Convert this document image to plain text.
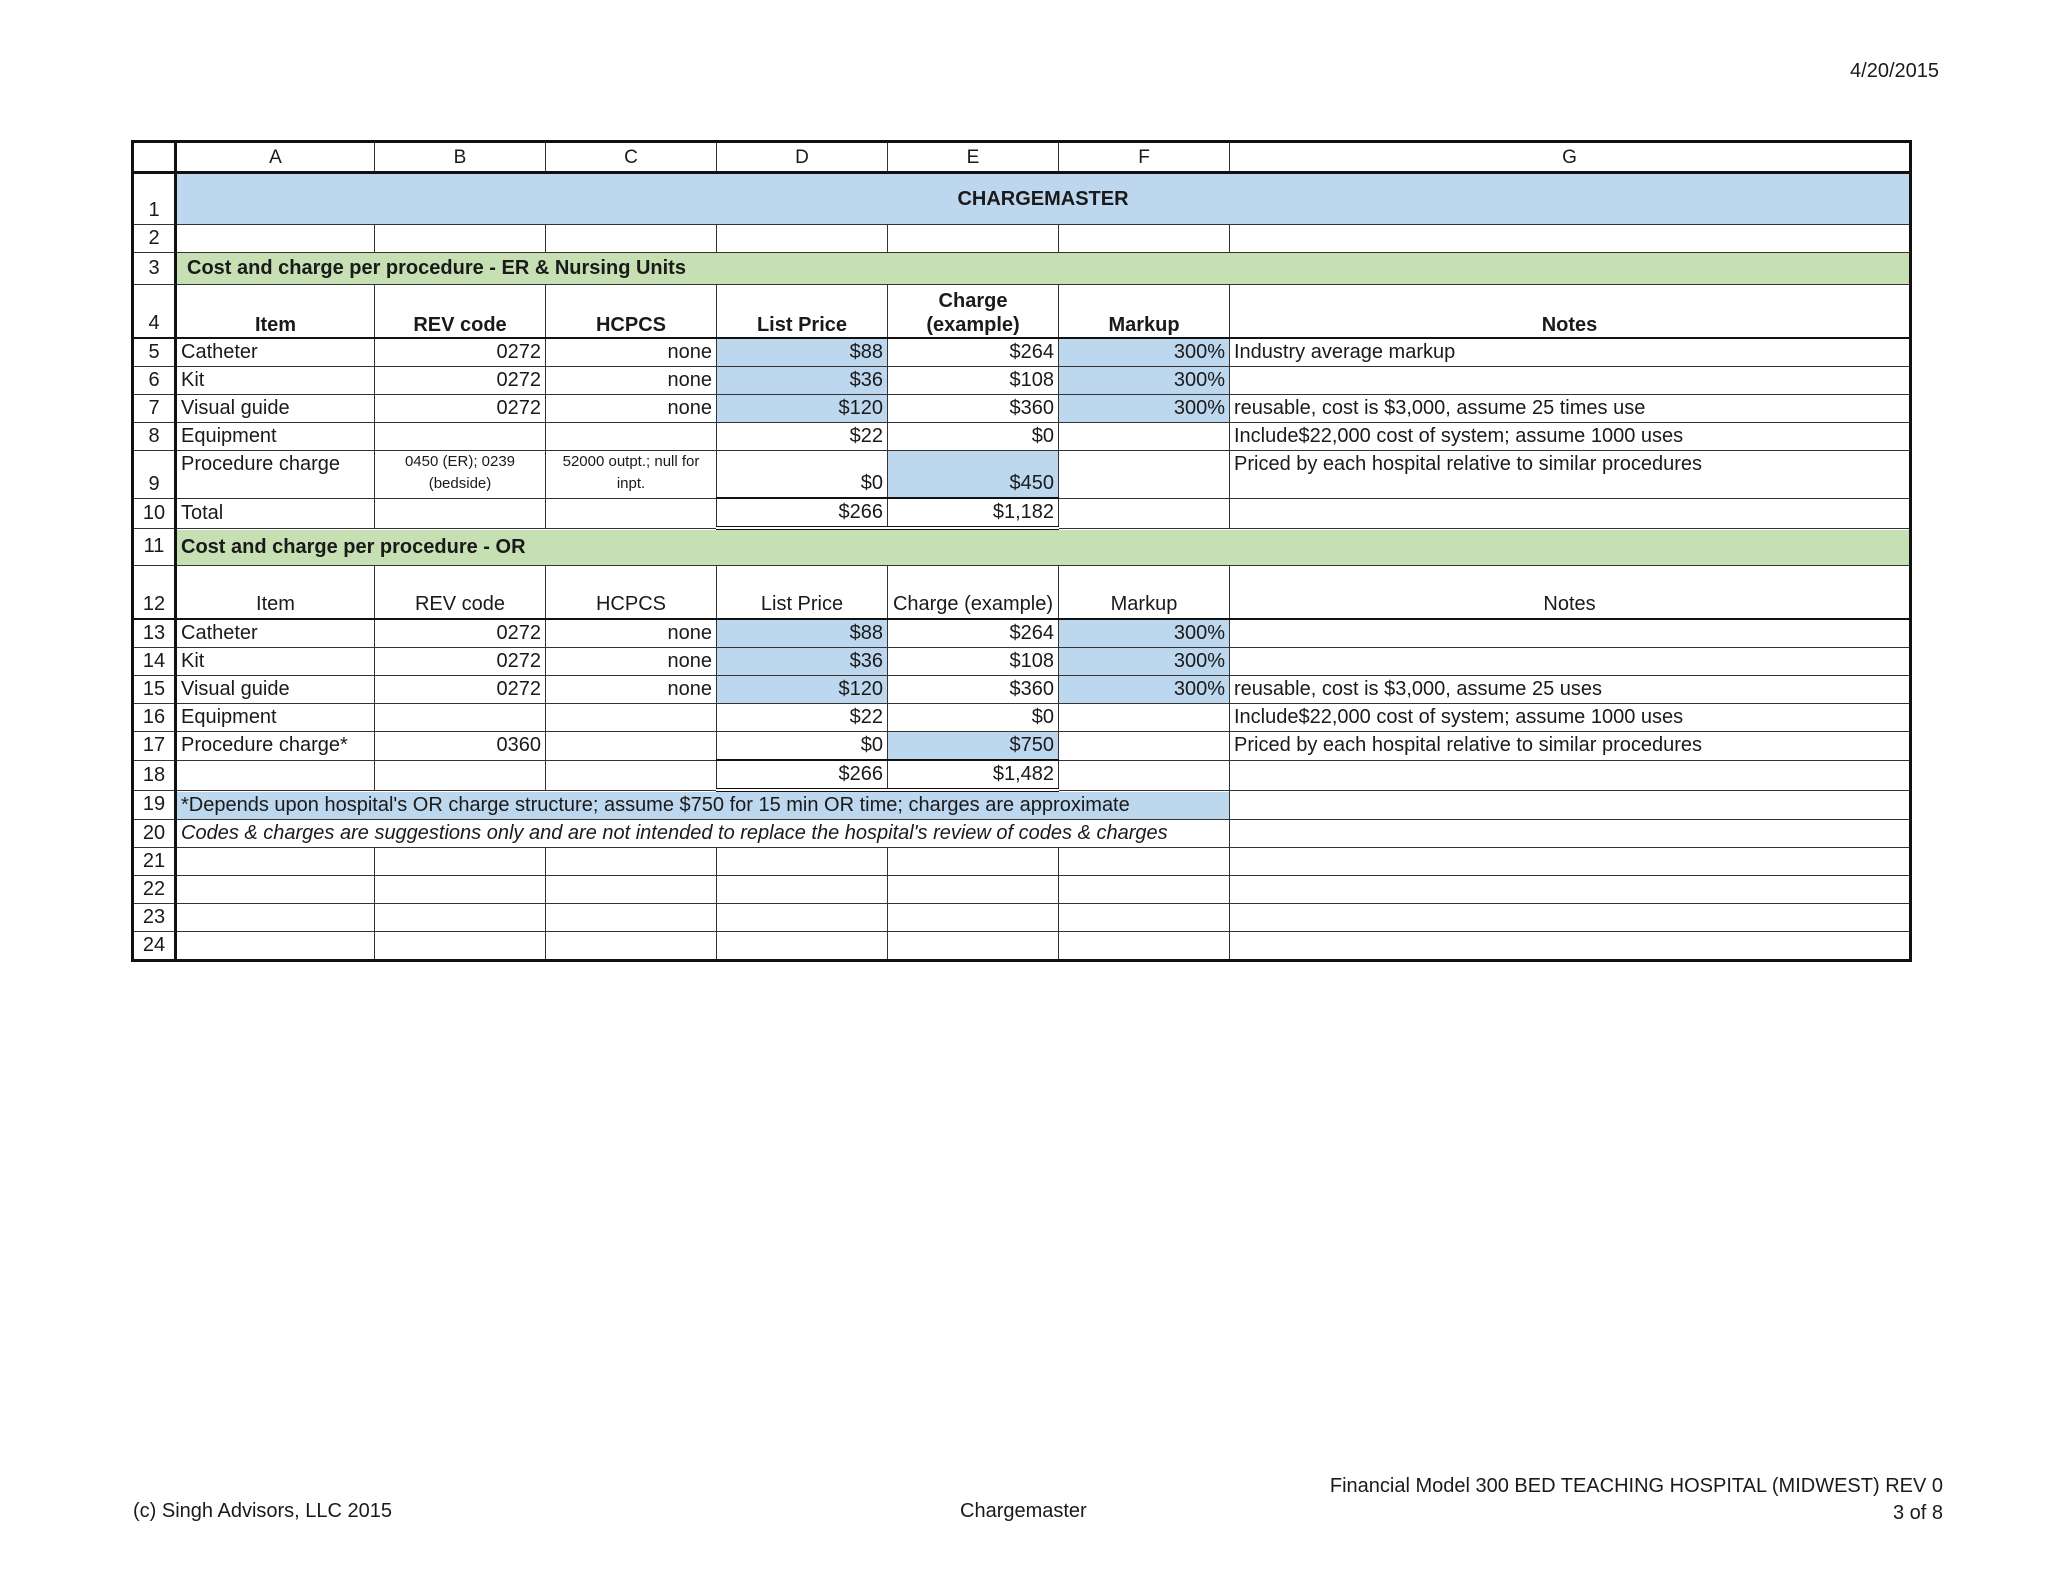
4/20/2015
	A	B	C	D	E	F	G
1	CHARGEMASTER						
2							
3	Cost and charge per procedure - ER & Nursing Units						
4	Item	REV code	HCPCS	List Price	Charge (example)	Markup	Notes
5	Catheter	0272	none	$88	$264	300%	Industry average markup
6	Kit	0272	none	$36	$108	300%	
7	Visual guide	0272	none	$120	$360	300%	reusable, cost is $3,000, assume 25 times use
8	Equipment			$22	$0		Include$22,000 cost of system; assume 1000 uses
9	Procedure charge	0450 (ER); 0239 (bedside)	52000 outpt.; null for inpt.	$0	$450		Priced by each hospital relative to similar procedures
10	Total			$266	$1,182		
11	Cost and charge per procedure - OR						
12	Item	REV code	HCPCS	List Price	Charge (example)	Markup	Notes
13	Catheter	0272	none	$88	$264	300%	
14	Kit	0272	none	$36	$108	300%	
15	Visual guide	0272	none	$120	$360	300%	reusable, cost is $3,000, assume 25 uses
16	Equipment			$22	$0		Include$22,000 cost of system; assume 1000 uses
17	Procedure charge*	0360		$0	$750		Priced by each hospital relative to similar procedures
18				$266	$1,482		
19	*Depends upon hospital's OR charge structure; assume $750 for 15 min OR time; charges are approximate						
20	Codes & charges are suggestions only and are not intended to replace the hospital's review of codes & charges						
21							
22							
23							
24							
(c) Singh Advisors, LLC 2015	Chargemaster
Financial Model 300 BED TEACHING HOSPITAL (MIDWEST) REV 0
3 of 8
